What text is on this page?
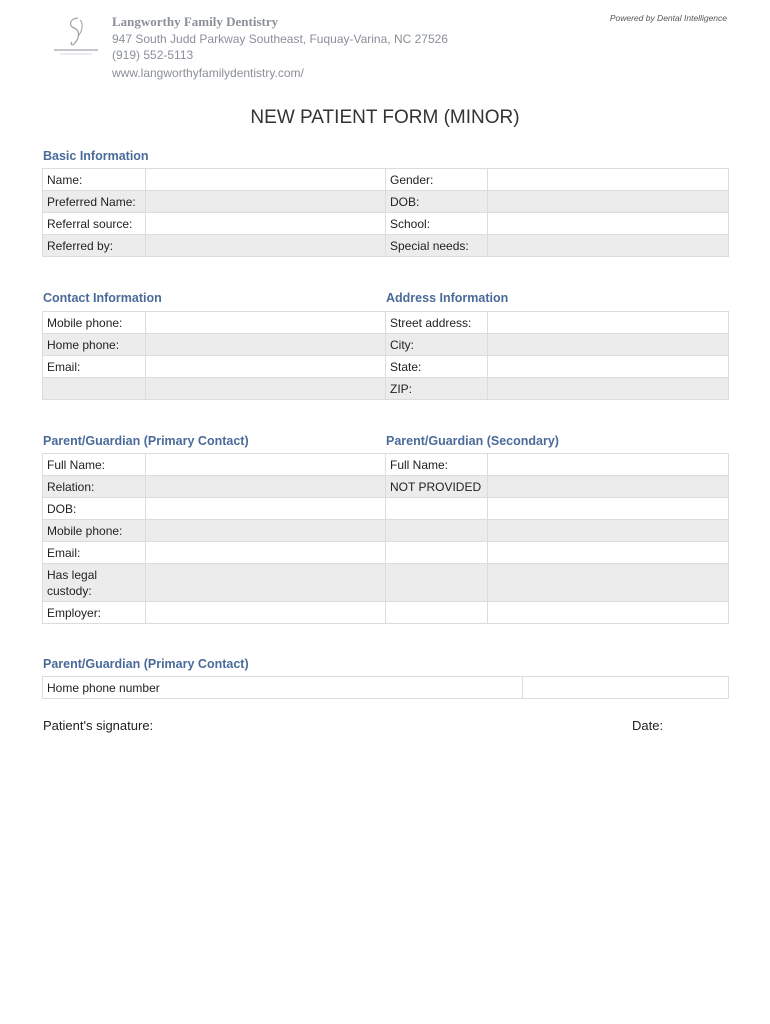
Langworthy Family Dentistry
947 South Judd Parkway Southeast, Fuquay-Varina, NC 27526
(919) 552-5113
www.langworthyfamilydentistry.com/
Powered by Dental Intelligence
NEW PATIENT FORM (MINOR)
Basic Information
Name:		Gender:	
Preferred Name:		DOB:	
Referral source:		School:	
Referred by:		Special needs:	
Contact Information	Address Information
Mobile phone:		Street address:	
Home phone:		City:	
Email:		State:	
		ZIP:	
Parent/Guardian (Primary Contact)	Parent/Guardian (Secondary)
Full Name:		Full Name:	
Relation:		NOT PROVIDED	
DOB:			
Mobile phone:			
Email:			
Has legal custody:			
Employer:			
Parent/Guardian (Primary Contact)
Home phone number	
Patient's signature:	Date:
